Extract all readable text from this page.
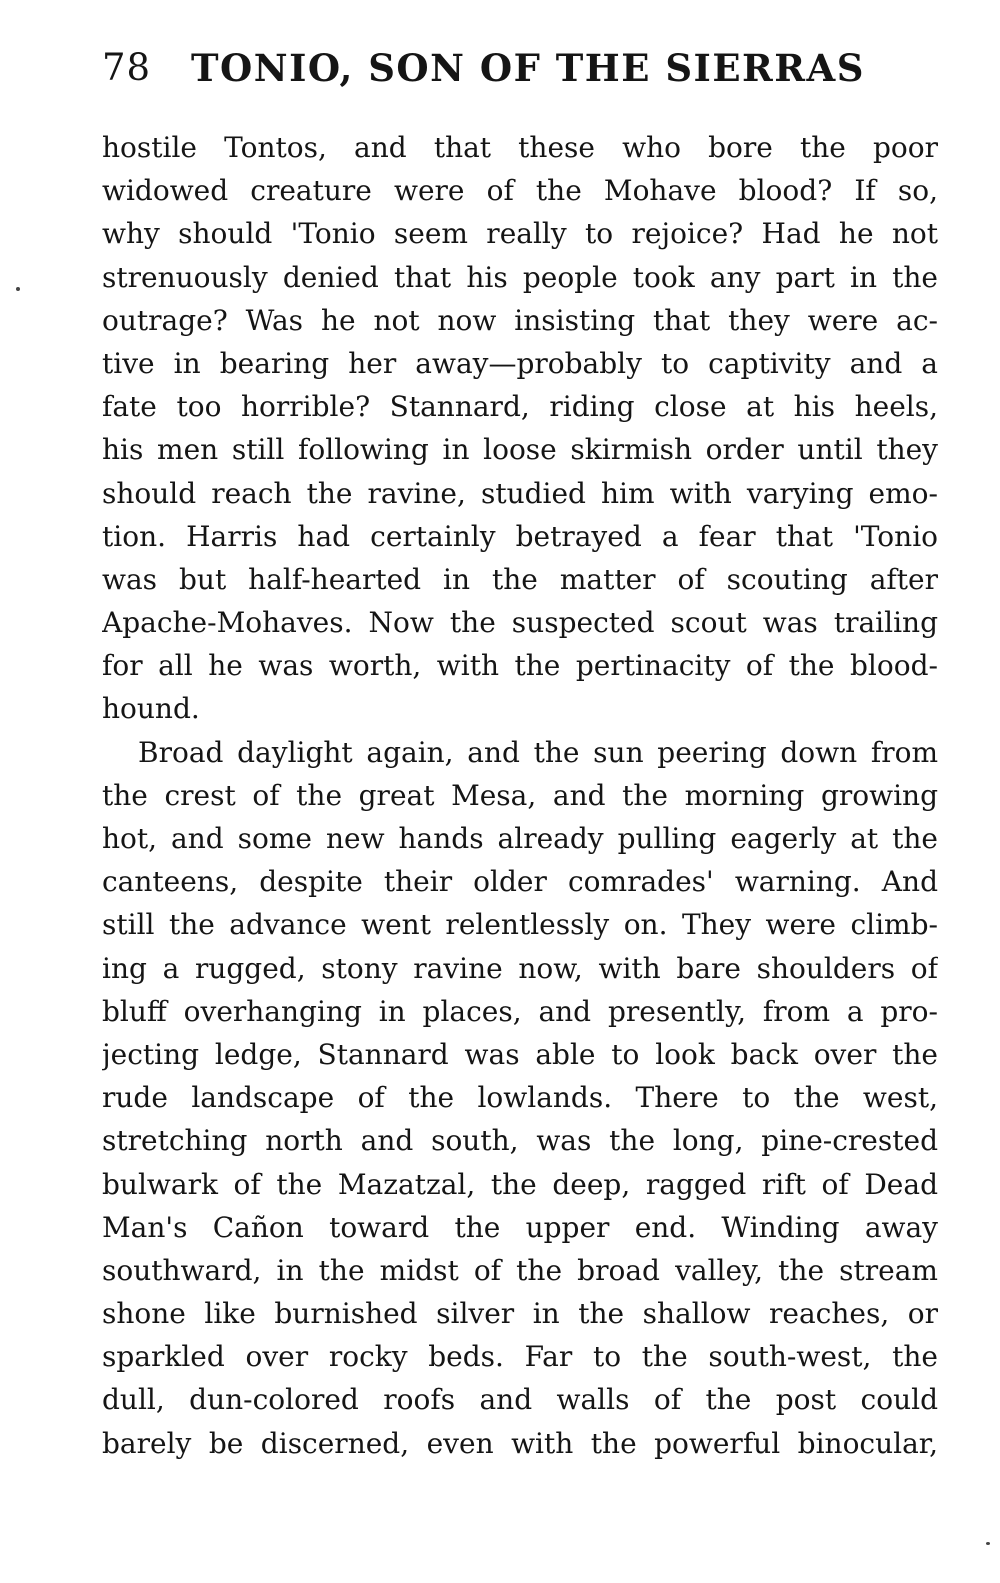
78 TONIO, SON OF THE SIERRAS
hostile Tontos, and that these who bore the poor
widowed creature were of the Mohave blood? If so,
why should 'Tonio seem really to rejoice? Had he not
strenuously denied that his people took any part in the
outrage? Was he not now insisting that they were ac-
tive in bearing her away—probably to captivity and a
fate too horrible? Stannard, riding close at his heels,
his men still following in loose skirmish order until they
should reach the ravine, studied him with varying emo-
tion. Harris had certainly betrayed a fear that 'Tonio
was but half-hearted in the matter of scouting after
Apache-Mohaves. Now the suspected scout was trailing
for all he was worth, with the pertinacity of the blood-
hound.
Broad daylight again, and the sun peering down from
the crest of the great Mesa, and the morning growing
hot, and some new hands already pulling eagerly at the
canteens, despite their older comrades' warning. And
still the advance went relentlessly on. They were climb-
ing a rugged, stony ravine now, with bare shoulders of
bluff overhanging in places, and presently, from a pro-
jecting ledge, Stannard was able to look back over the
rude landscape of the lowlands. There to the west,
stretching north and south, was the long, pine-crested
bulwark of the Mazatzal, the deep, ragged rift of Dead
Man's Cañon toward the upper end. Winding away
southward, in the midst of the broad valley, the stream
shone like burnished silver in the shallow reaches, or
sparkled over rocky beds. Far to the south-west, the
dull, dun-colored roofs and walls of the post could
barely be discerned, even with the powerful binocular,
